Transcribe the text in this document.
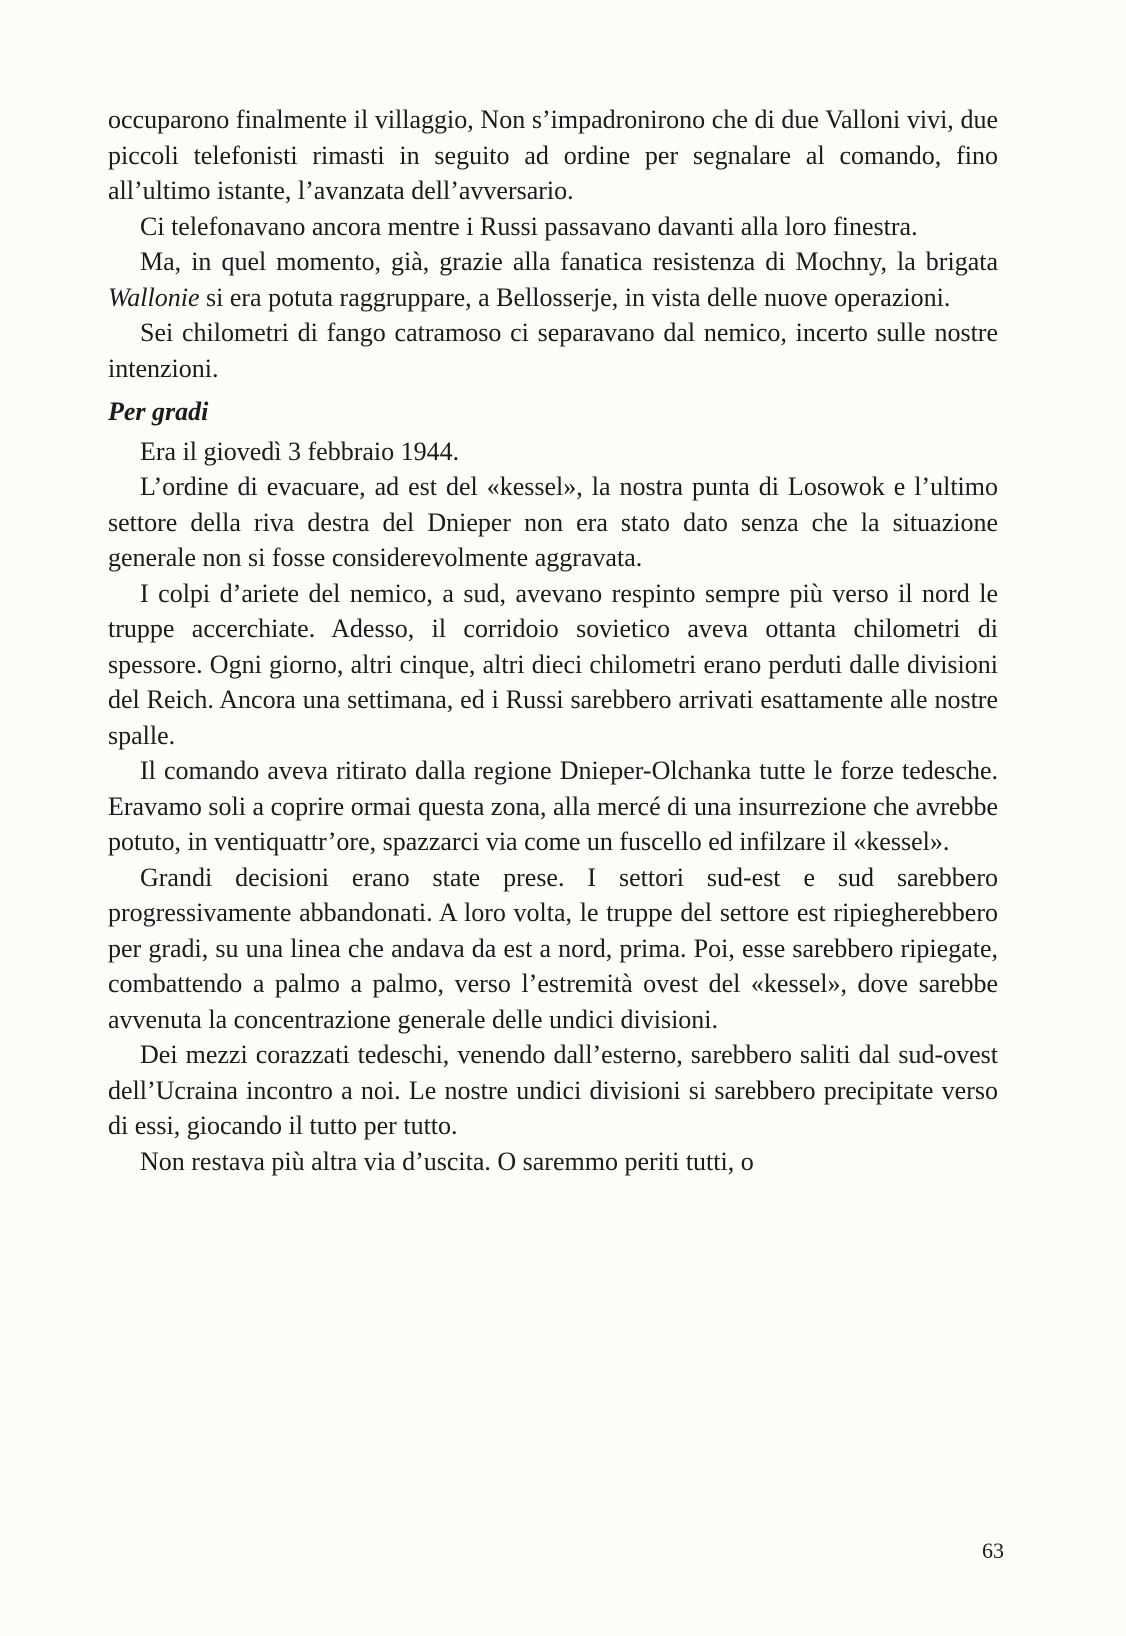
occuparono finalmente il villaggio, Non s’impadronirono che di due Valloni vivi, due piccoli telefonisti rimasti in seguito ad ordine per segnalare al comando, fino all’ultimo istante, l’avanzata dell’avversario.

Ci telefonavano ancora mentre i Russi passavano davanti alla loro finestra.

Ma, in quel momento, già, grazie alla fanatica resistenza di Mochny, la brigata Wallonie si era potuta raggruppare, a Bellosserje, in vista delle nuove operazioni.

Sei chilometri di fango catramoso ci separavano dal nemico, incerto sulle nostre intenzioni.

Per gradi

Era il giovedì 3 febbraio 1944.

L’ordine di evacuare, ad est del «kessel», la nostra punta di Losowok e l’ultimo settore della riva destra del Dnieper non era stato dato senza che la situazione generale non si fosse considerevolmente aggravata.

I colpi d’ariete del nemico, a sud, avevano respinto sempre più verso il nord le truppe accerchiate. Adesso, il corridoio sovietico aveva ottanta chilometri di spessore. Ogni giorno, altri cinque, altri dieci chilometri erano perduti dalle divisioni del Reich. Ancora una settimana, ed i Russi sarebbero arrivati esattamente alle nostre spalle.

Il comando aveva ritirato dalla regione Dnieper-Olchanka tutte le forze tedesche. Eravamo soli a coprire ormai questa zona, alla mercé di una insurrezione che avrebbe potuto, in ventiquattr’ore, spazzarci via come un fuscello ed infilzare il «kessel».

Grandi decisioni erano state prese. I settori sud-est e sud sarebbero progressivamente abbandonati. A loro volta, le truppe del settore est ripiegherebbero per gradi, su una linea che andava da est a nord, prima. Poi, esse sarebbero ripiegate, combattendo a palmo a palmo, verso l’estremità ovest del «kessel», dove sarebbe avvenuta la concentrazione generale delle undici divisioni.

Dei mezzi corazzati tedeschi, venendo dall’esterno, sarebbero saliti dal sud-ovest dell’Ucraina incontro a noi. Le nostre undici divisioni si sarebbero precipitate verso di essi, giocando il tutto per tutto.

Non restava più altra via d’uscita. O saremmo periti tutti, o

63
